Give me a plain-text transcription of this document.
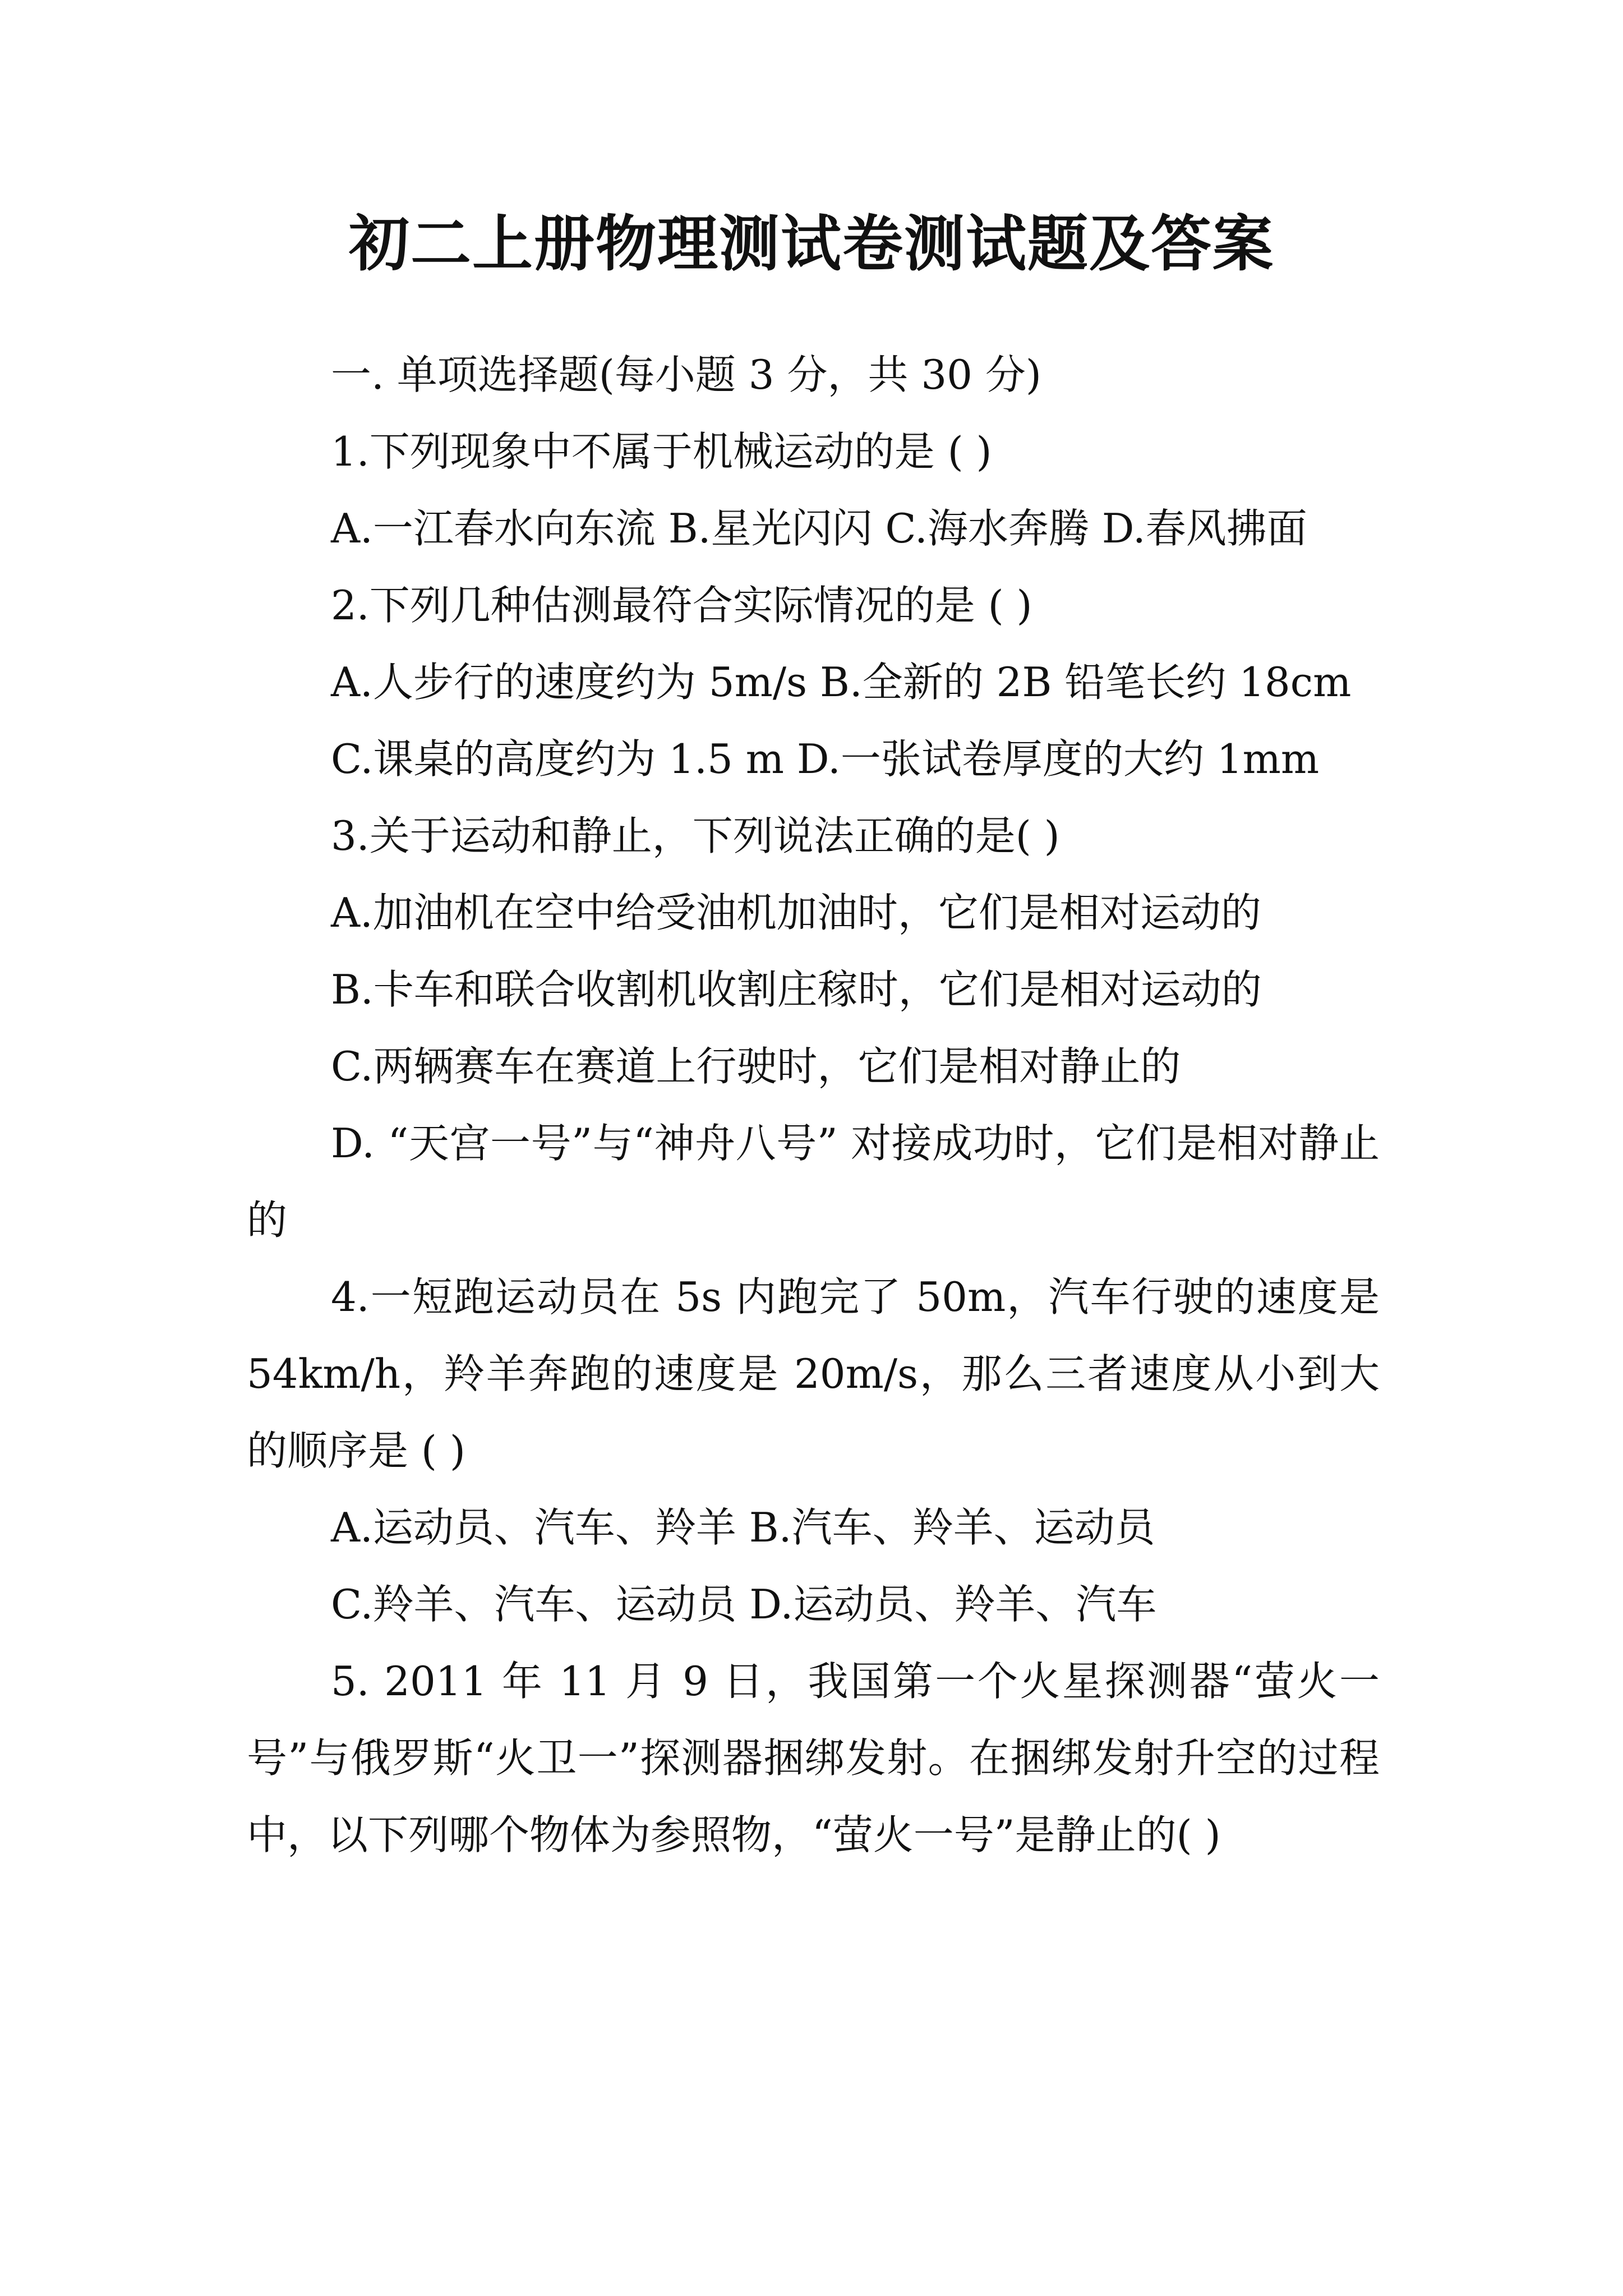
初二上册物理测试卷测试题及答案

一. 单项选择题(每小题 3 分，共 30 分)

1.下列现象中不属于机械运动的是 ( )

A.一江春水向东流 B.星光闪闪 C.海水奔腾 D.春风拂面

2.下列几种估测最符合实际情况的是 ( )

A.人步行的速度约为 5m/s B.全新的 2B 铅笔长约 18cm

C.课桌的高度约为 1.5 m D.一张试卷厚度的大约 1mm

3.关于运动和静止，下列说法正确的是( )

A.加油机在空中给受油机加油时，它们是相对运动的

B.卡车和联合收割机收割庄稼时，它们是相对运动的

C.两辆赛车在赛道上行驶时，它们是相对静止的

D. “天宫一号”与“神舟八号” 对接成功时，它们是相对静止的

4.一短跑运动员在 5s 内跑完了 50m，汽车行驶的速度是 54km/h，羚羊奔跑的速度是 20m/s，那么三者速度从小到大的顺序是 ( )

A.运动员、汽车、羚羊 B.汽车、羚羊、运动员

C.羚羊、汽车、运动员 D.运动员、羚羊、汽车

5. 2011 年 11 月 9 日，我国第一个火星探测器“萤火一号”与俄罗斯“火卫一”探测器捆绑发射。在捆绑发射升空的过程中，以下列哪个物体为参照物，“萤火一号”是静止的( )
